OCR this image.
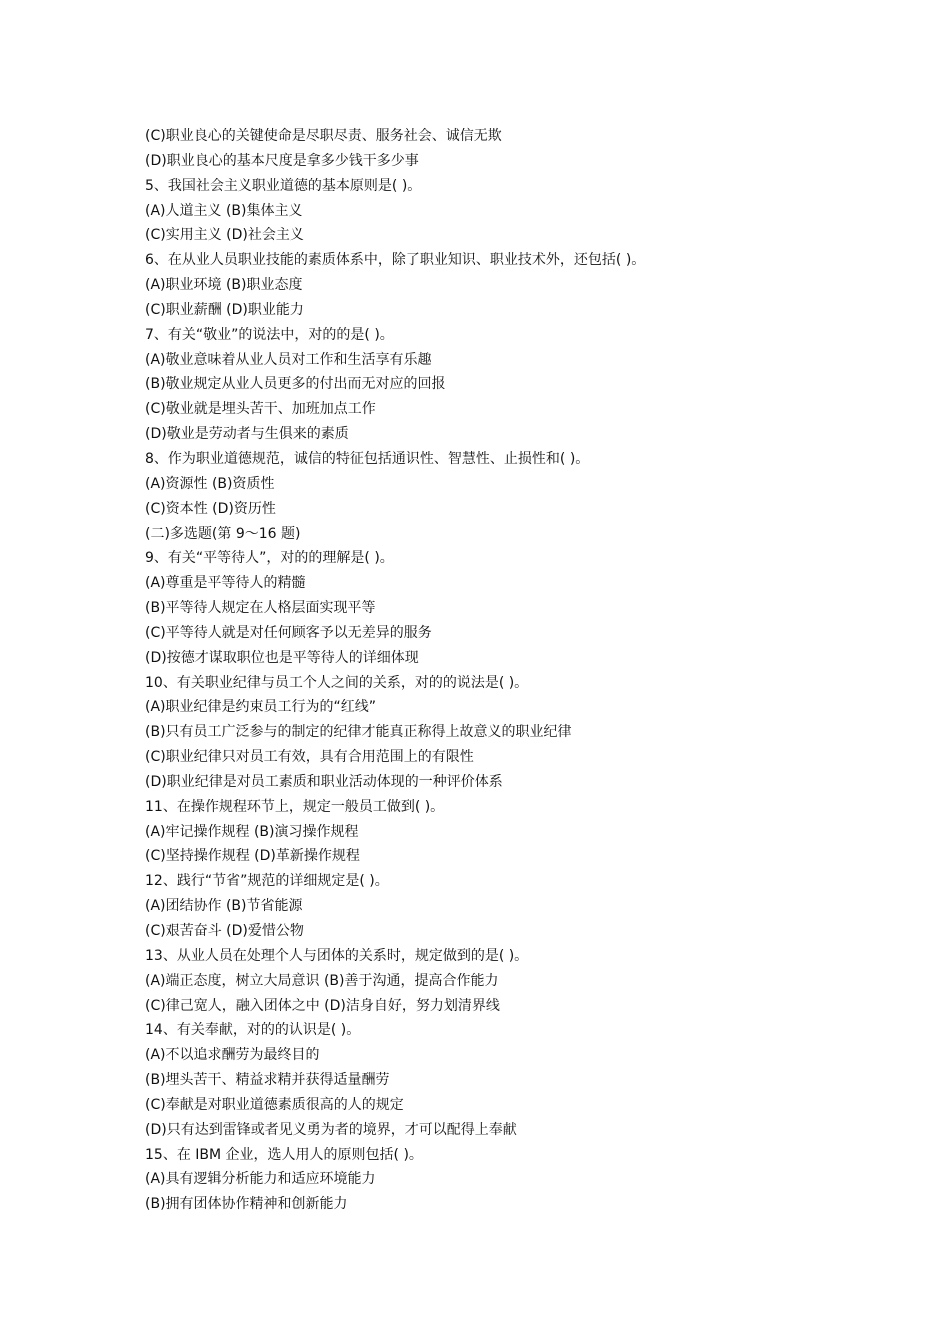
(C)职业良心的关键使命是尽职尽责、服务社会、诚信无欺
(D)职业良心的基本尺度是拿多少钱干多少事
5、我国社会主义职业道德的基本原则是( )。
(A)人道主义 (B)集体主义
(C)实用主义 (D)社会主义
6、在从业人员职业技能的素质体系中，除了职业知识、职业技术外，还包括( )。
(A)职业环境 (B)职业态度
(C)职业薪酬 (D)职业能力
7、有关“敬业”的说法中，对的的是( )。
(A)敬业意味着从业人员对工作和生活享有乐趣
(B)敬业规定从业人员更多的付出而无对应的回报
(C)敬业就是埋头苦干、加班加点工作
(D)敬业是劳动者与生俱来的素质
8、作为职业道德规范，诚信的特征包括通识性、智慧性、止损性和( )。
(A)资源性 (B)资质性
(C)资本性 (D)资历性
(二)多选题(第 9～16 题)
9、有关“平等待人”，对的的理解是( )。
(A)尊重是平等待人的精髓
(B)平等待人规定在人格层面实现平等
(C)平等待人就是对任何顾客予以无差异的服务
(D)按德才谋取职位也是平等待人的详细体现
10、有关职业纪律与员工个人之间的关系，对的的说法是( )。
(A)职业纪律是约束员工行为的“红线”
(B)只有员工广泛参与的制定的纪律才能真正称得上故意义的职业纪律
(C)职业纪律只对员工有效，具有合用范围上的有限性
(D)职业纪律是对员工素质和职业活动体现的一种评价体系
11、在操作规程环节上，规定一般员工做到( )。
(A)牢记操作规程 (B)演习操作规程
(C)坚持操作规程 (D)革新操作规程
12、践行“节省”规范的详细规定是( )。
(A)团结协作 (B)节省能源
(C)艰苦奋斗 (D)爱惜公物
13、从业人员在处理个人与团体的关系时，规定做到的是( )。
(A)端正态度，树立大局意识 (B)善于沟通，提高合作能力
(C)律己宽人，融入团体之中 (D)洁身自好，努力划清界线
14、有关奉献，对的的认识是( )。
(A)不以追求酬劳为最终目的
(B)埋头苦干、精益求精并获得适量酬劳
(C)奉献是对职业道德素质很高的人的规定
(D)只有达到雷锋或者见义勇为者的境界，才可以配得上奉献
15、在 IBM 企业，选人用人的原则包括( )。
(A)具有逻辑分析能力和适应环境能力
(B)拥有团体协作精神和创新能力
